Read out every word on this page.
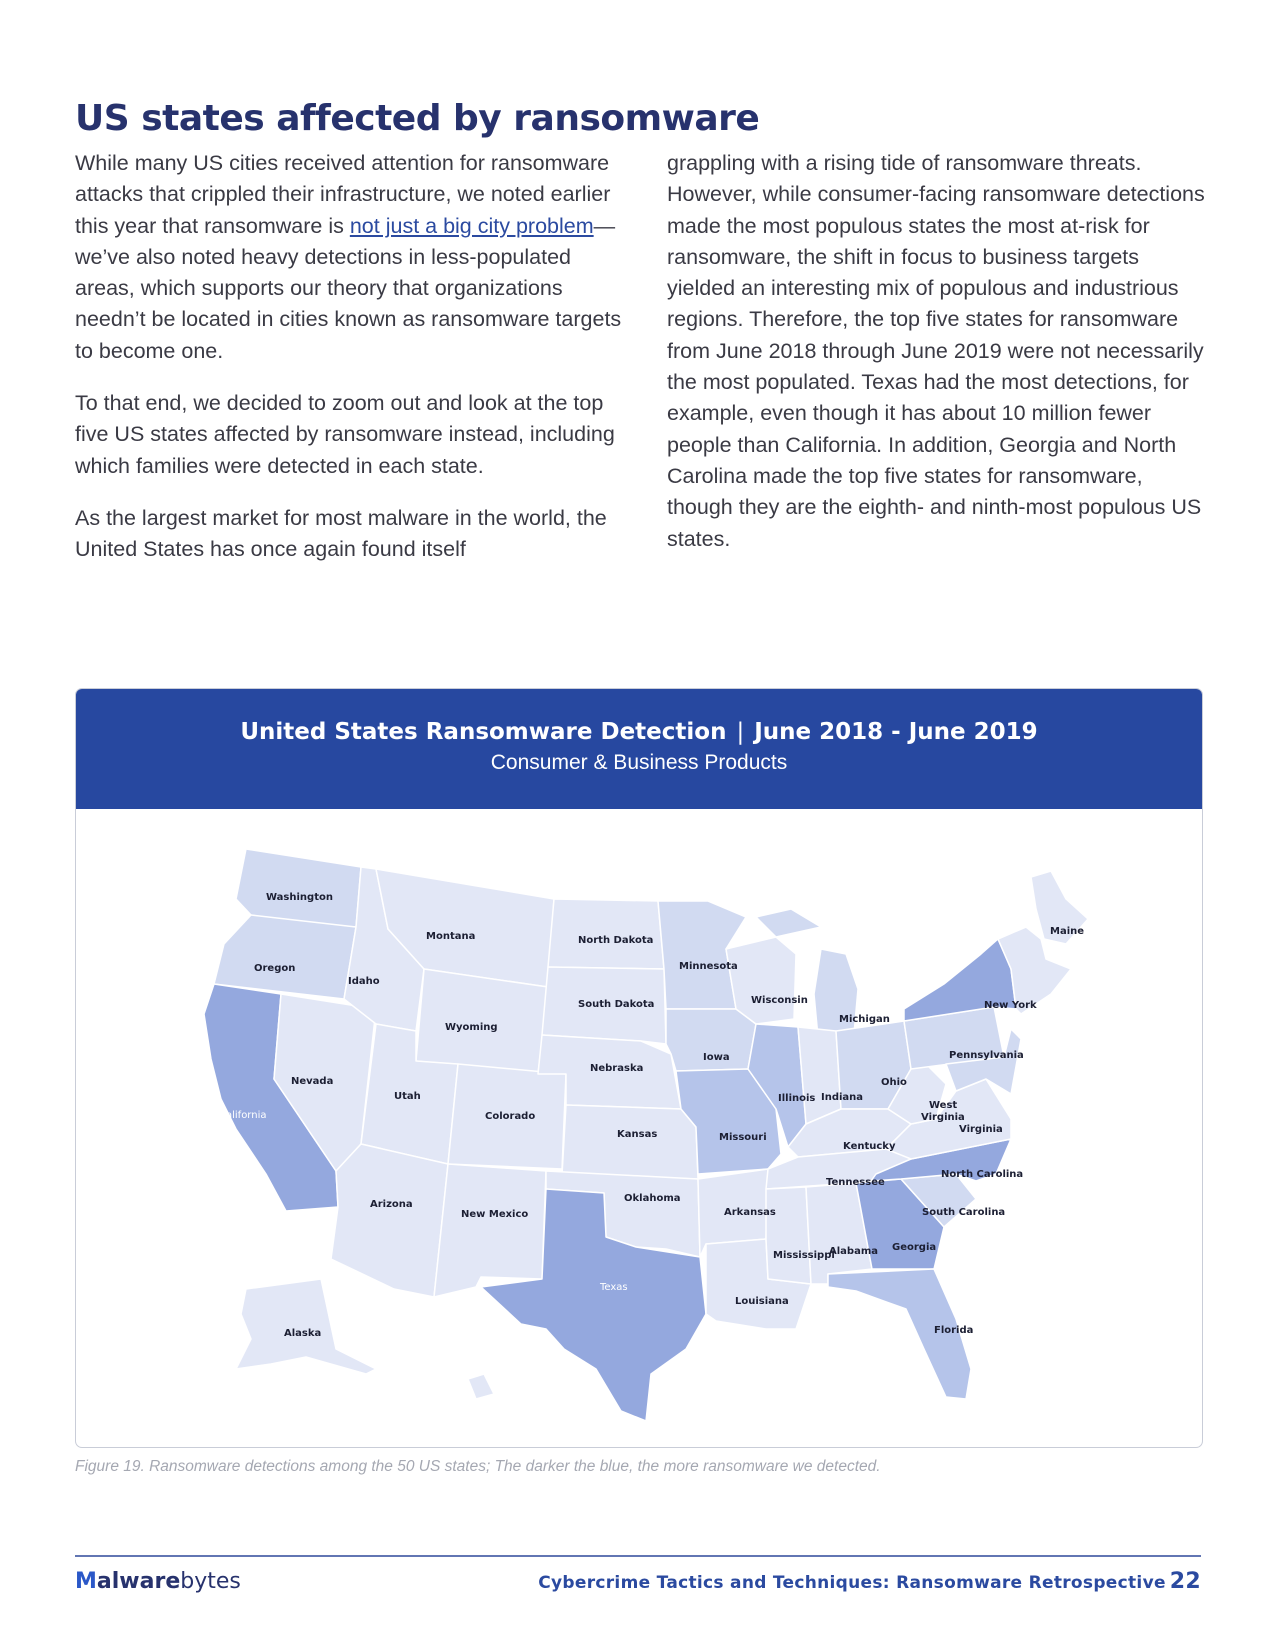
US states affected by ransomware

While many US cities received attention for ransomware attacks that crippled their infrastructure, we noted earlier this year that ransomware is not just a big city problem—we’ve also noted heavy detections in less-populated areas, which supports our theory that organizations needn’t be located in cities known as ransomware targets to become one.

To that end, we decided to zoom out and look at the top five US states affected by ransomware instead, including which families were detected in each state.

As the largest market for most malware in the world, the United States has once again found itself

grappling with a rising tide of ransomware threats. However, while consumer-facing ransomware detections made the most populous states the most at-risk for ransomware, the shift in focus to business targets yielded an interesting mix of populous and industrious regions. Therefore, the top five states for ransomware from June 2018 through June 2019 were not necessarily the most populated. Texas had the most detections, for example, even though it has about 10 million fewer people than California. In addition, Georgia and North Carolina made the top five states for ransomware, though they are the eighth- and ninth-most populous US states.

United States Ransomware Detection | June 2018 - June 2019
Consumer & Business Products
Washington
Oregon
California
Nevada
Idaho
Montana
Wyoming
Utah
Colorado
Arizona
New Mexico
North Dakota
South Dakota
Nebraska
Kansas
Oklahoma
Texas
Minnesota
Iowa
Missouri
Arkansas
Louisiana
Wisconsin
Illinois
Michigan
Indiana
Ohio
Kentucky
Tennessee
Mississippi
Alabama Georgia
Florida
South Carolina
North Carolina
Virginia
West
Virginia
Pennsylvania
New York
Maine
Alaska
Figure 19. Ransomware detections among the 50 US states; The darker the blue, the more ransomware we detected.
Malwarebytes	Cybercrime Tactics and Techniques: Ransomware Retrospective 22
